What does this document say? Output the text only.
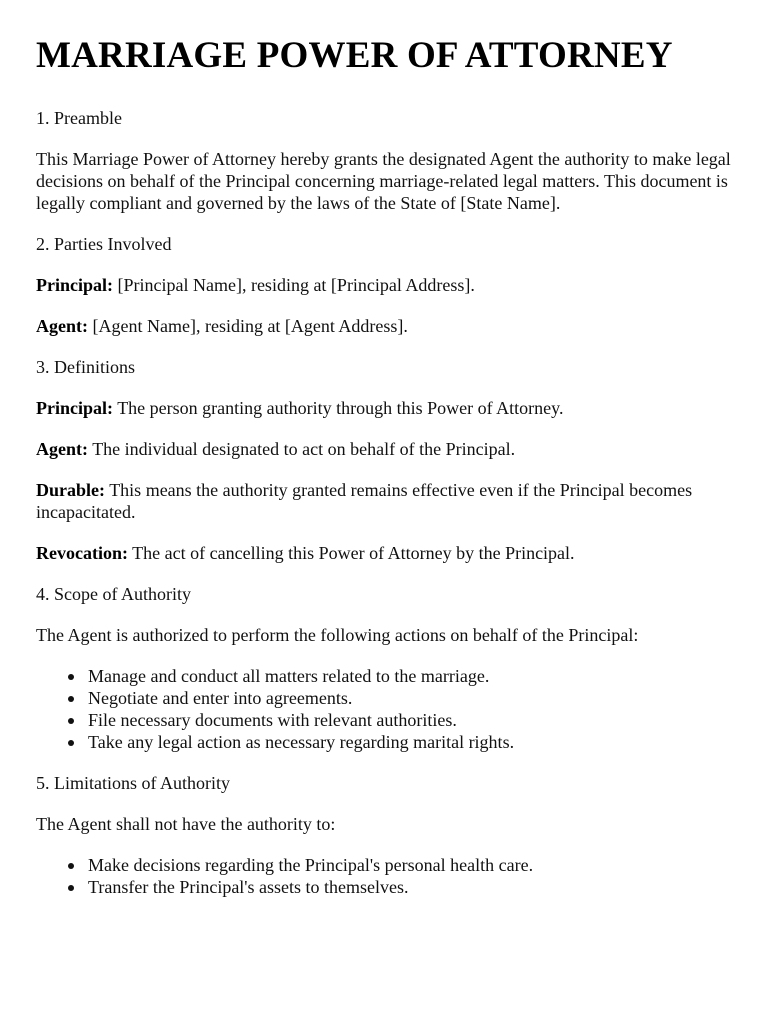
MARRIAGE POWER OF ATTORNEY

1. Preamble

This Marriage Power of Attorney hereby grants the designated Agent the authority to make legal decisions on behalf of the Principal concerning marriage-related legal matters. This document is legally compliant and governed by the laws of the State of [State Name].

2. Parties Involved

Principal: [Principal Name], residing at [Principal Address].

Agent: [Agent Name], residing at [Agent Address].

3. Definitions

Principal: The person granting authority through this Power of Attorney.

Agent: The individual designated to act on behalf of the Principal.

Durable: This means the authority granted remains effective even if the Principal becomes incapacitated.

Revocation: The act of cancelling this Power of Attorney by the Principal.

4. Scope of Authority

The Agent is authorized to perform the following actions on behalf of the Principal:

Manage and conduct all matters related to the marriage.
Negotiate and enter into agreements.
File necessary documents with relevant authorities.
Take any legal action as necessary regarding marital rights.

5. Limitations of Authority

The Agent shall not have the authority to:

Make decisions regarding the Principal's personal health care.
Transfer the Principal's assets to themselves.
